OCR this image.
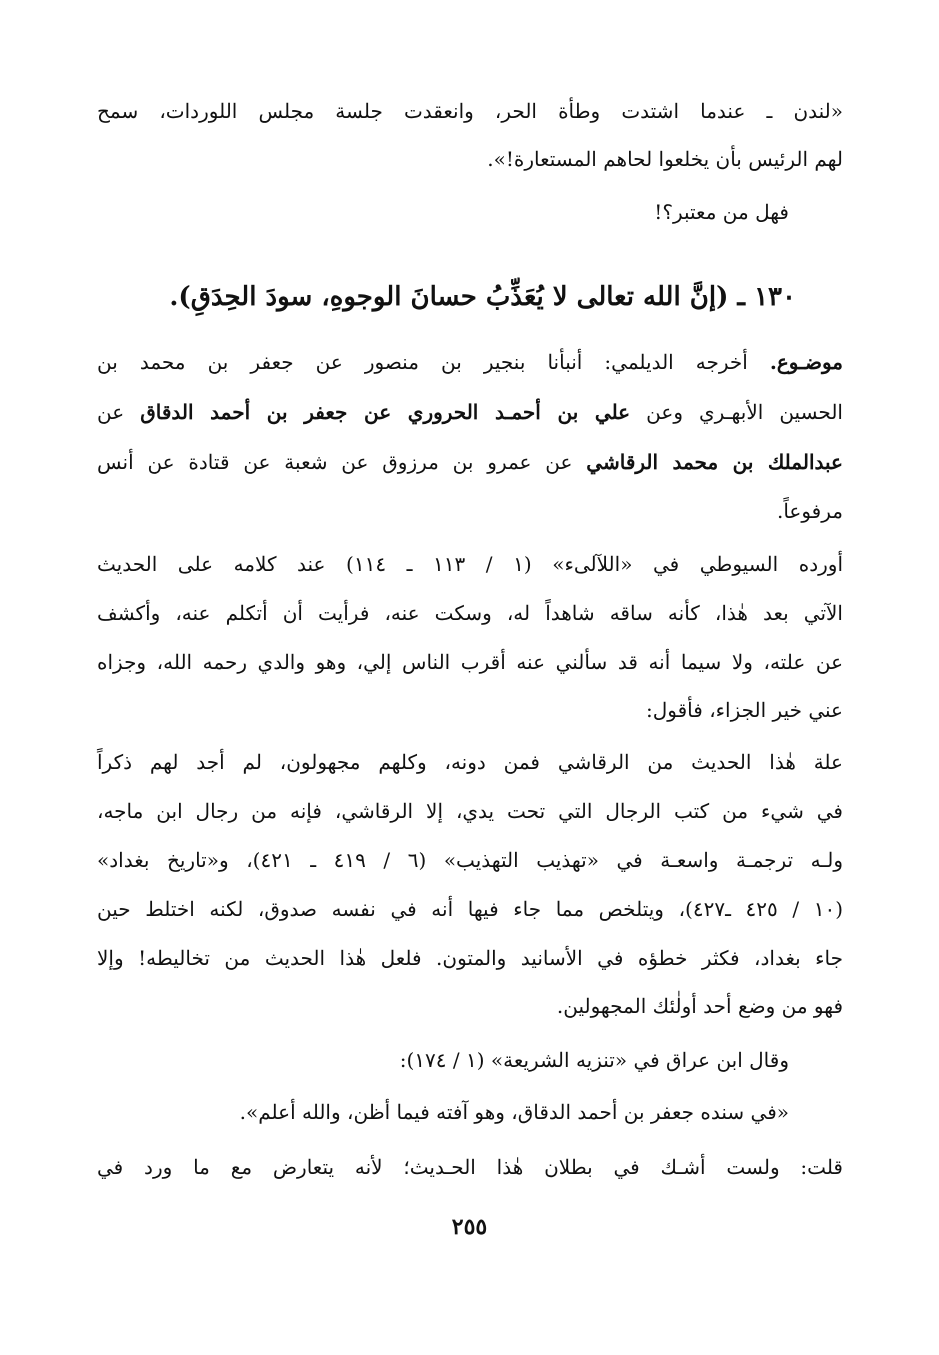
«لندن ـ عندما اشتدت وطأة الحر، وانعقدت جلسة مجلس اللوردات، سمح
لهم الرئيس بأن يخلعوا لحاهم المستعارة!».
فهل من معتبر؟!
١٣٠ ـ (إنَّ الله تعالى لا يُعَذِّبُ حسانَ الوجوهِ، سودَ الحِدَقِ).
موضـوع. أخرجه الديلمي: أنبأنا بنجير بن منصور عن جعفر بن محمد بن
الحسين الأبهـري وعن علي بن أحمـد الحروري عن جعفر بن أحمد الدقاق عن
عبدالملك بن محمد الرقاشي عن عمرو بن مرزوق عن شعبة عن قتادة عن أنس
مرفوعاً.
أورده السيوطي في «اللآلىء» (١ / ١١٣ ـ ١١٤) عند كلامه على الحديث
الآتي بعد هٰذا، كأنه ساقه شاهداً له، وسكت عنه، فرأيت أن أتكلم عنه، وأكشف
عن علته، ولا سيما أنه قد سألني عنه أقرب الناس إلي، وهو والدي رحمه الله، وجزاه
عني خير الجزاء، فأقول:
علة هٰذا الحديث من الرقاشي فمن دونه، وكلهم مجهولون، لم أجد لهم ذكراً
في شيء من كتب الرجال التي تحت يدي، إلا الرقاشي، فإنه من رجال ابن ماجه،
ولـه ترجمـة واسعـة في «تهذيب التهذيب» (٦ / ٤١٩ ـ ٤٢١)، و«تاريخ بغداد»
(١٠ / ٤٢٥ ـ٤٢٧)، ويتلخص مما جاء فيها أنه في نفسه صدوق، لكنه اختلط حين
جاء بغداد، فكثر خطؤه في الأسانيد والمتون. فلعل هٰذا الحديث من تخاليطه! وإلا
فهو من وضع أحد أولٰئك المجهولين.
وقال ابن عراق في «تنزيه الشريعة» (١ / ١٧٤):
«في سنده جعفر بن أحمد الدقاق، وهو آفته فيما أظن، والله أعلم».
قلت: ولست أشـك في بطلان هٰذا الحـديث؛ لأنه يتعارض مع ما ورد في
٢٥٥
